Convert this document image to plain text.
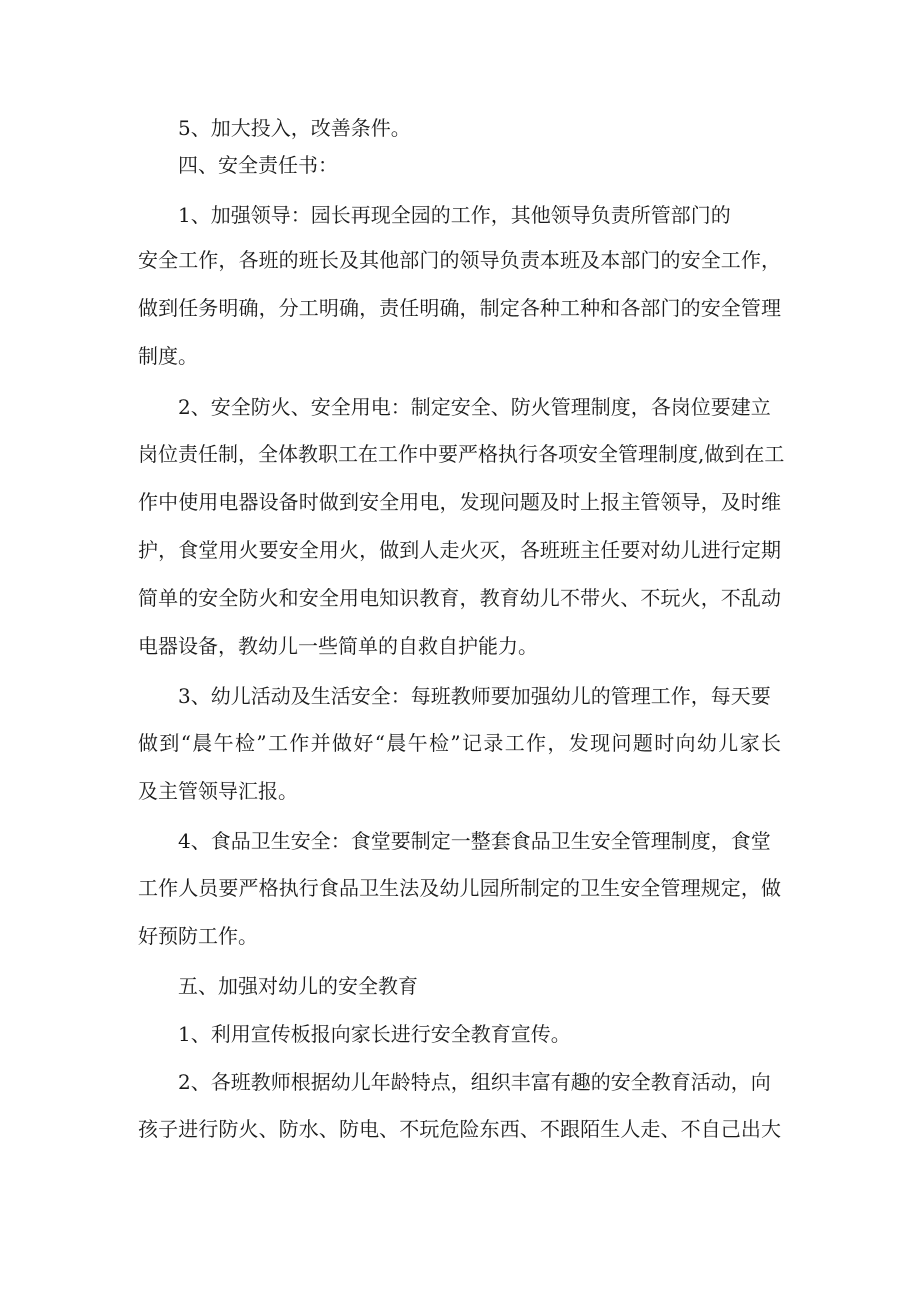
5、加大投入，改善条件。
四、安全责任书：
1、加强领导：园长再现全园的工作，其他领导负责所管部门的
安全工作，各班的班长及其他部门的领导负责本班及本部门的安全工作，
做到任务明确，分工明确，责任明确，制定各种工种和各部门的安全管理
制度。
2、安全防火、安全用电：制定安全、防火管理制度，各岗位要建立
岗位责任制，全体教职工在工作中要严格执行各项安全管理制度,做到在工
作中使用电器设备时做到安全用电，发现问题及时上报主管领导，及时维
护，食堂用火要安全用火，做到人走火灭，各班班主任要对幼儿进行定期
简单的安全防火和安全用电知识教育，教育幼儿不带火、不玩火，不乱动
电器设备，教幼儿一些简单的自救自护能力。
3、幼儿活动及生活安全：每班教师要加强幼儿的管理工作，每天要
做到“晨午检”工作并做好“晨午检”记录工作，发现问题时向幼儿家长
及主管领导汇报。
4、食品卫生安全：食堂要制定一整套食品卫生安全管理制度，食堂
工作人员要严格执行食品卫生法及幼儿园所制定的卫生安全管理规定，做
好预防工作。
五、加强对幼儿的安全教育
1、利用宣传板报向家长进行安全教育宣传。
2、各班教师根据幼儿年龄特点，组织丰富有趣的安全教育活动，向
孩子进行防火、防水、防电、不玩危险东西、不跟陌生人走、不自己出大
